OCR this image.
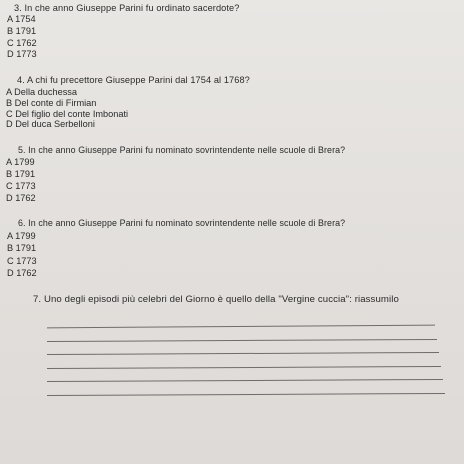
3. In che anno Giuseppe Parini fu ordinato sacerdote?
A 1754
B 1791
C 1762
D 1773
4. A chi fu precettore Giuseppe Parini dal 1754 al 1768?
A Della duchessa
B Del conte di Firmian
C Del figlio del conte Imbonati
D Del duca Serbelloni
5. In che anno Giuseppe Parini fu nominato sovrintendente nelle scuole di Brera?
A 1799
B 1791
C 1773
D 1762
6. In che anno Giuseppe Parini fu nominato sovrintendente nelle scuole di Brera?
A 1799
B 1791
C 1773
D 1762
7. Uno degli episodi più celebri del Giorno è quello della "Vergine cuccia": riassumilo
